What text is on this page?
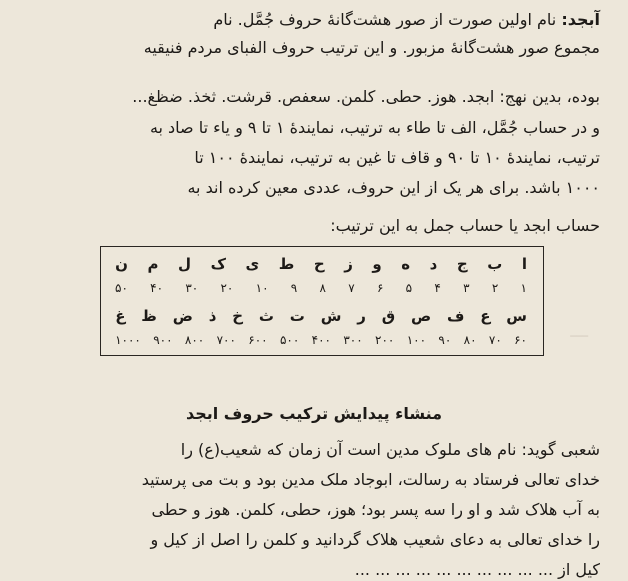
ـــ
آبجد: نام اولین صورت از صور هشت‌گانهٔ حروف جُمَّل. نام
مجموع صور هشت‌گانهٔ مزبور. و این ترتیب حروف الفبای مردم فنیقیه
بوده، بدین نهج: ابجد. هوز. حطی. کلمن. سعفص. قرشت. ثخذ. ضظغ...
و در حساب جُمَّل، الف تا طاء به ترتیب، نمایندهٔ ۱ تا ۹ و یاء تا صاد به
ترتیب، نمایندهٔ ۱۰ تا ۹۰ و قاف تا غین به ترتیب، نمایندهٔ ۱۰۰ تا
۱۰۰۰ باشد. برای هر یک از این حروف، عددی معین کرده اند به
حساب ابجد یا حساب جمل به این ترتیب:
ا
ب
ج
د
ه
و
ز
ح
ط
ی
ک
ل
م
ن
۱
۲
۳
۴
۵
۶
۷
۸
۹
۱۰
۲۰
۳۰
۴۰
۵۰
س
ع
ف
ص
ق
ر
ش
ت
ث
خ
ذ
ض
ظ
غ
۶۰
۷۰
۸۰
۹۰
۱۰۰
۲۰۰
۳۰۰
۴۰۰
۵۰۰
۶۰۰
۷۰۰
۸۰۰
۹۰۰
۱۰۰۰
منشاء پیدایش ترکیب حروف ابجد
شعبی گوید: نام های ملوک مدین است آن زمان که شعیب(ع) را
خدای تعالی فرستاد به رسالت، ابوجاد ملک مدین بود و بت می پرستید
به آب هلاک شد و او را سه پسر بود؛ هوز، حطی، کلمن. هوز و حطی
را خدای تعالی به دعای شعیب هلاک گردانید و کلمن را اصل از کیل و
کیل از ... ... ... ... ... ... ... ... ... ...
